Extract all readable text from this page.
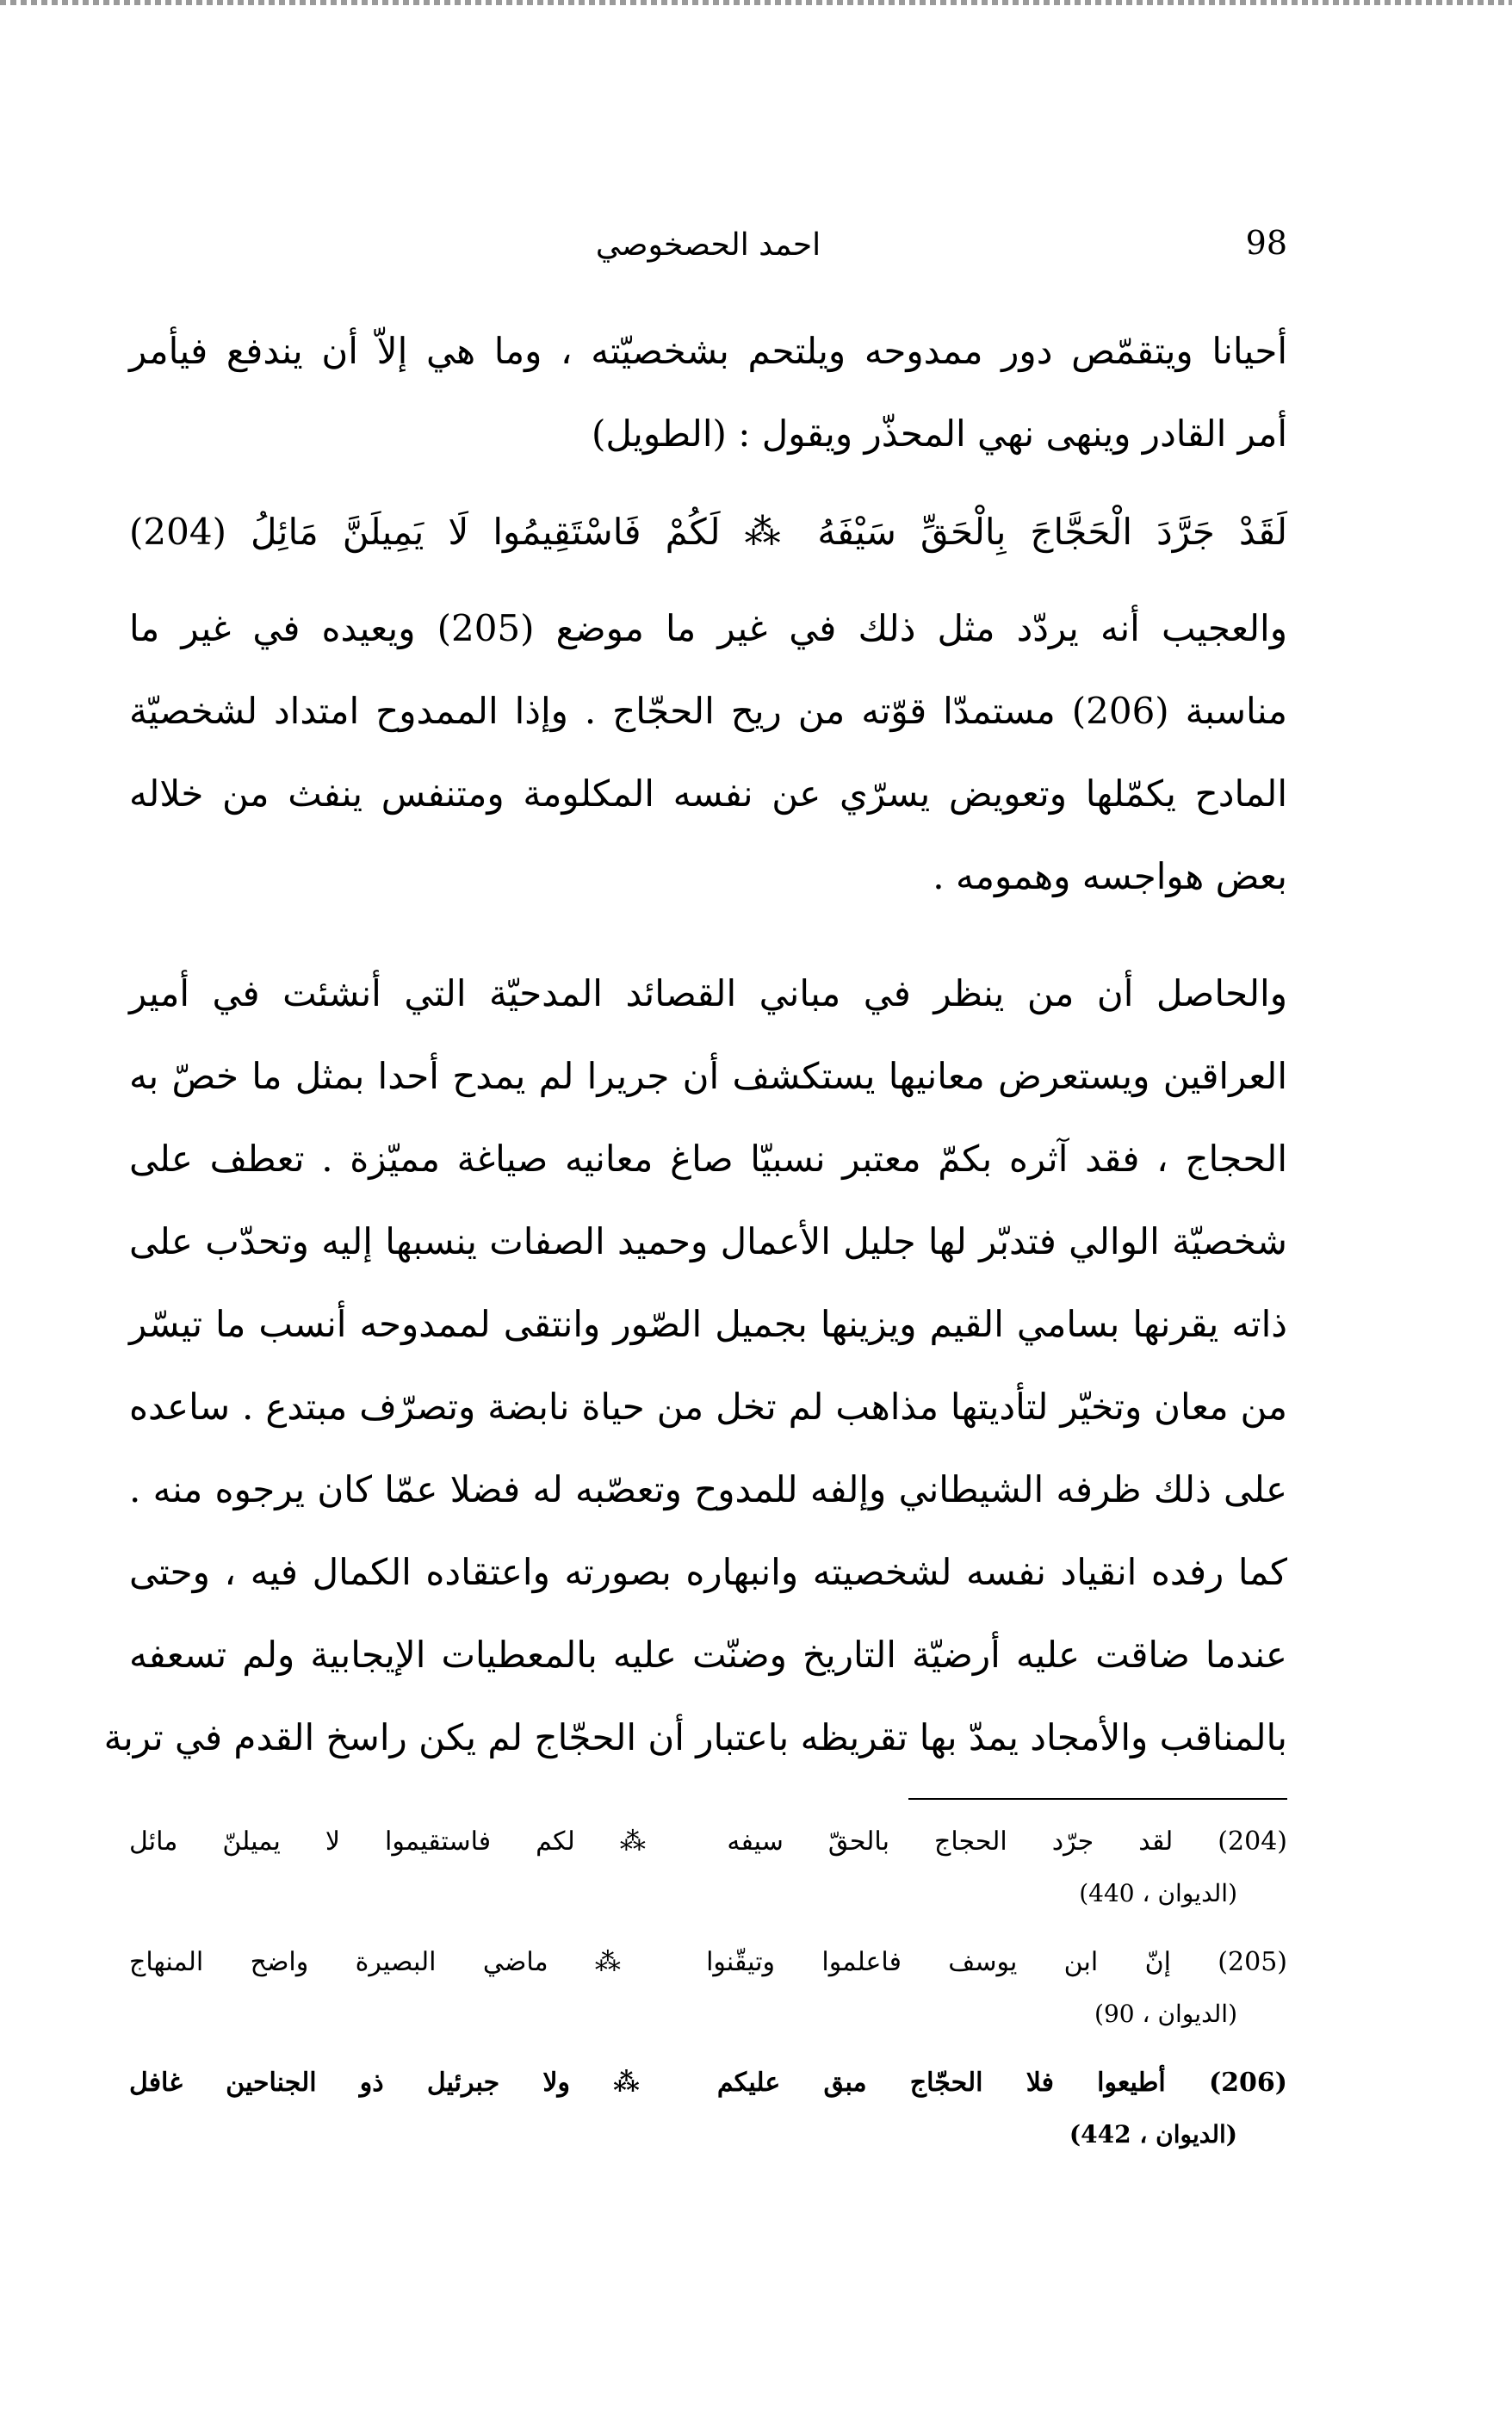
98
احمد الحصخوصي
أحيانا ويتقمّص دور ممدوحه ويلتحم بشخصيّته ، وما هي إلاّ أن يندفع فيأمر
أمر القادر وينهى نهي المحذّر ويقول : (الطويل)
لَقَدْ جَرَّدَ الْحَجَّاجَ بِالْحَقِّ سَيْفَهُ ⁂ لَكُمْ فَاسْتَقِيمُوا لَا يَمِيلَنَّ مَائِلُ (204)
والعجيب أنه يردّد مثل ذلك في غير ما موضع (205) ويعيده في غير ما
مناسبة (206) مستمدّا قوّته من ريح الحجّاج . وإذا الممدوح امتداد لشخصيّة
المادح يكمّلها وتعويض يسرّي عن نفسه المكلومة ومتنفس ينفث من خلاله
بعض هواجسه وهمومه .
والحاصل أن من ينظر في مباني القصائد المدحيّة التي أنشئت في أمير
العراقين ويستعرض معانيها يستكشف أن جريرا لم يمدح أحدا بمثل ما خصّ به
الحجاج ، فقد آثره بكمّ معتبر نسبيّا صاغ معانيه صياغة مميّزة . تعطف على
شخصيّة الوالي فتدبّر لها جليل الأعمال وحميد الصفات ينسبها إليه وتحدّب على
ذاته يقرنها بسامي القيم ويزينها بجميل الصّور وانتقى لممدوحه أنسب ما تيسّر
من معان وتخيّر لتأديتها مذاهب لم تخل من حياة نابضة وتصرّف مبتدع . ساعده
على ذلك ظرفه الشيطاني وإلفه للمدوح وتعصّبه له فضلا عمّا كان يرجوه منه .
كما رفده انقياد نفسه لشخصيته وانبهاره بصورته واعتقاده الكمال فيه ، وحتى
عندما ضاقت عليه أرضيّة التاريخ وضنّت عليه بالمعطيات الإيجابية ولم تسعفه
بالمناقب والأمجاد يمدّ بها تقريظه باعتبار أن الحجّاج لم يكن راسخ القدم في تربة
(204) لقد جرّد الحجاج بالحقّ سيفه ⁂ لكم فاستقيموا لا يميلنّ مائل
(الديوان ، 440)
(205) إنّ ابن يوسف فاعلموا وتيقّنوا ⁂ ماضي البصيرة واضح المنهاج
(الديوان ، 90)
(206) أطيعوا فلا الحجّاج مبق عليكم ⁂ ولا جبرئيل ذو الجناحين غافل
(الديوان ، 442)
